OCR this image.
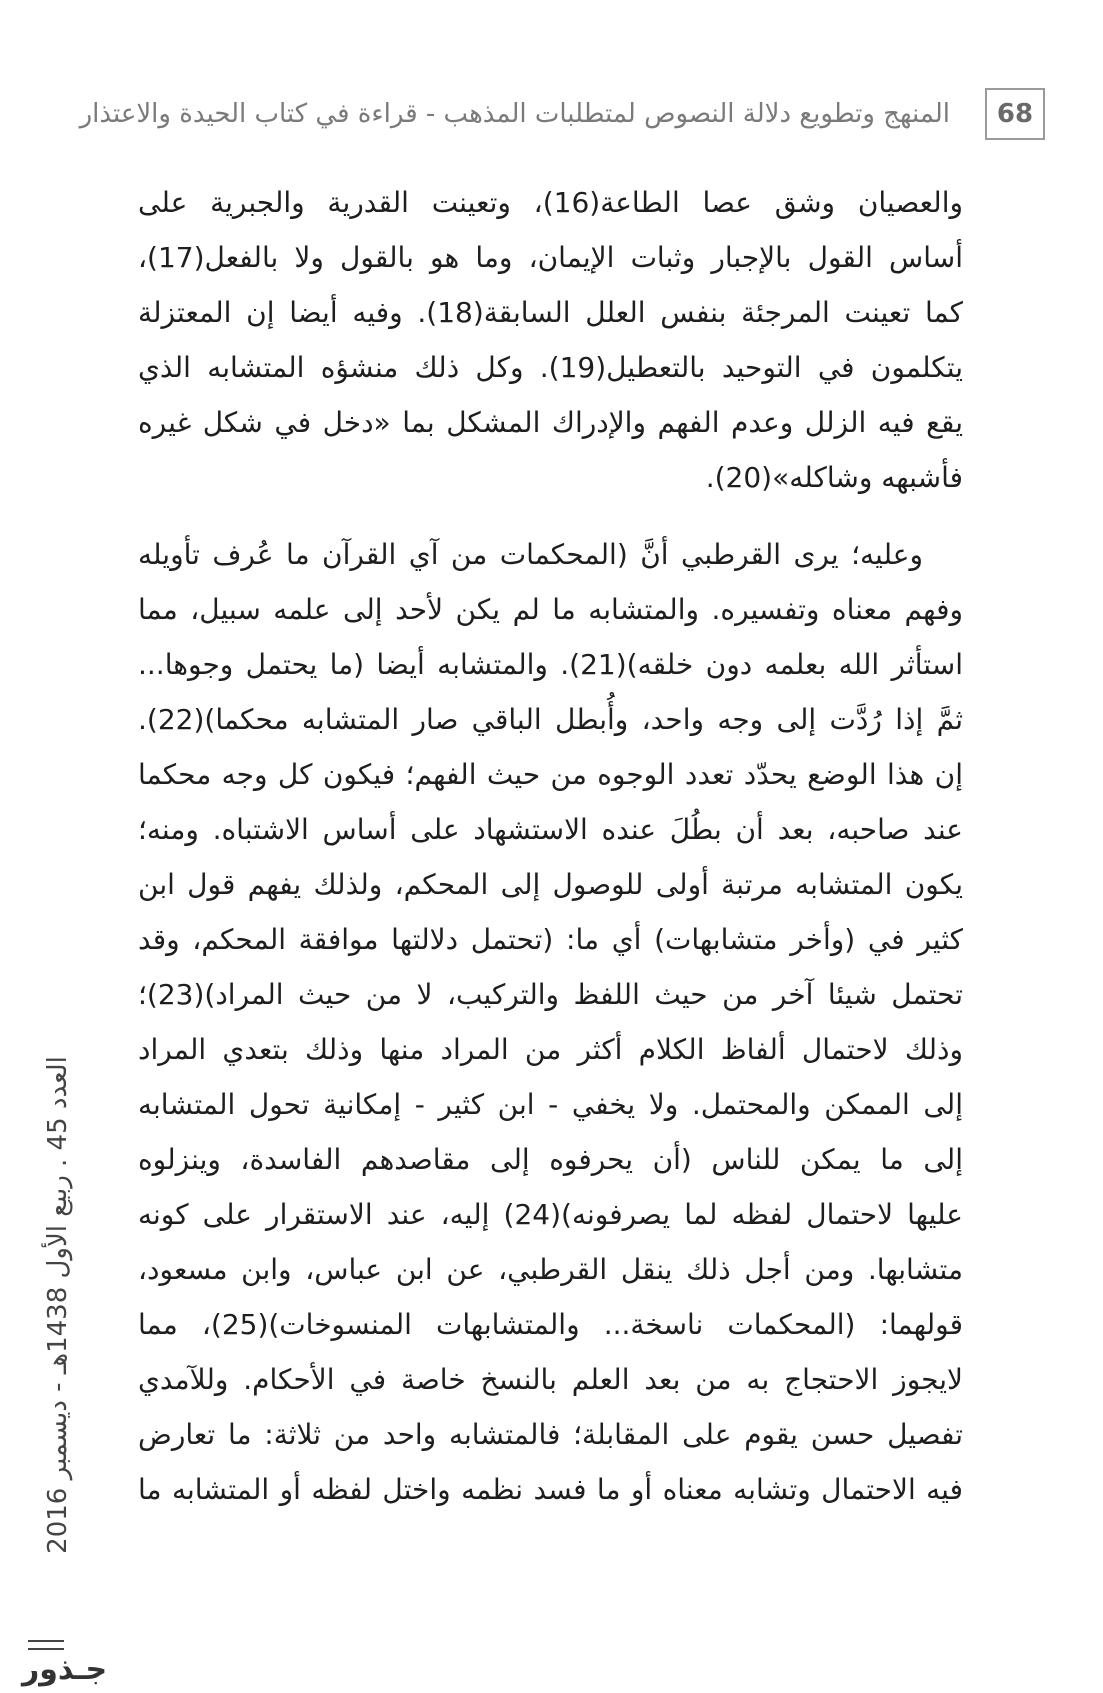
68
المنهج وتطويع دلالة النصوص لمتطلبات المذهب - قراءة في كتاب الحيدة والاعتذار
والعصيان وشق عصا الطاعة(16)، وتعينت القدرية والجبرية على
أساس القول بالإجبار وثبات الإيمان، وما هو بالقول ولا بالفعل(17)،
كما تعينت المرجئة بنفس العلل السابقة(18). وفيه أيضا إن المعتزلة
يتكلمون في التوحيد بالتعطيل(19). وكل ذلك منشؤه المتشابه الذي
يقع فيه الزلل وعدم الفهم والإدراك المشكل بما «دخل في شكل غيره
فأشبهه وشاكله»(20).
وعليه؛ يرى القرطبي أنَّ (المحكمات من آي القرآن ما عُرف تأويله
وفهم معناه وتفسيره. والمتشابه ما لم يكن لأحد إلى علمه سبيل، مما
استأثر الله بعلمه دون خلقه)(21). والمتشابه أيضا (ما يحتمل وجوها...
ثمَّ إذا رُدَّت إلى وجه واحد، وأُبطل الباقي صار المتشابه محكما)(22).
إن هذا الوضع يحدّد تعدد الوجوه من حيث الفهم؛ فيكون كل وجه محكما
عند صاحبه، بعد أن بطُلَ عنده الاستشهاد على أساس الاشتباه. ومنه؛
يكون المتشابه مرتبة أولى للوصول إلى المحكم، ولذلك يفهم قول ابن
كثير في (وأخر متشابهات) أي ما: (تحتمل دلالتها موافقة المحكم، وقد
تحتمل شيئا آخر من حيث اللفظ والتركيب، لا من حيث المراد)(23)؛
وذلك لاحتمال ألفاظ الكلام أكثر من المراد منها وذلك بتعدي المراد
إلى الممكن والمحتمل. ولا يخفي - ابن كثير - إمكانية تحول المتشابه
إلى ما يمكن للناس (أن يحرفوه إلى مقاصدهم الفاسدة، وينزلوه
عليها لاحتمال لفظه لما يصرفونه)(24) إليه، عند الاستقرار على كونه
متشابها. ومن أجل ذلك ينقل القرطبي، عن ابن عباس، وابن مسعود،
قولهما: (المحكمات ناسخة... والمتشابهات المنسوخات)(25)، مما
لايجوز الاحتجاج به من بعد العلم بالنسخ خاصة في الأحكام. وللآمدي
تفصيل حسن يقوم على المقابلة؛ فالمتشابه واحد من ثلاثة: ما تعارض
فيه الاحتمال وتشابه معناه أو ما فسد نظمه واختل لفظه أو المتشابه ما
العدد 45 . ربيع الأول 1438هـ - ديسمبر 2016
جـذور
